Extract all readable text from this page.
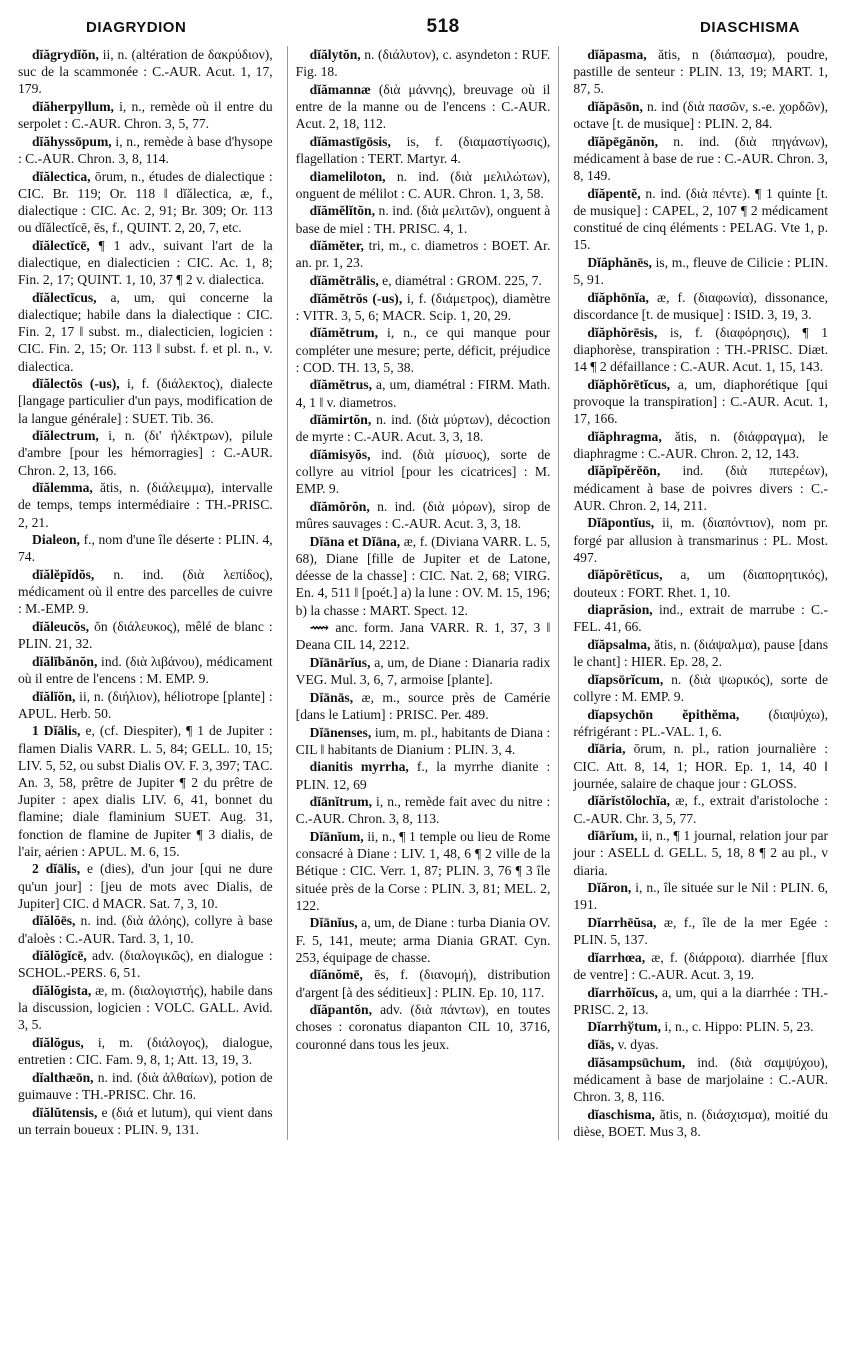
DIAGRYDION	518	DIASCHISMA

dĭăgrydĭŏn, ii, n. (altération de δακρύδιον), suc de la scammonée : C.-AUR. Acut. 1, 17, 179.

dĭăherpyllum, i, n., remède où il entre du serpolet : C.-AUR. Chron. 3, 5, 77.

dĭăhyssōpum, i, n., remède à base d'hysope : C.-AUR. Chron. 3, 8, 114.

dĭălectica, ōrum, n., études de dialectique : CIC. Br. 119; Or. 118 ‖ dĭălectica, æ, f., dialectique : CIC. Ac. 2, 91; Br. 309; Or. 113 ou dĭălectĭcē, ēs, f., QUINT. 2, 20, 7, etc.

dĭălectĭcē, ¶ 1 adv., suivant l'art de la dialectique, en dialecticien : CIC. Ac. 1, 8; Fin. 2, 17; QUINT. 1, 10, 37 ¶ 2 v. dialectica.

dĭălectĭcus, a, um, qui concerne la dialectique; habile dans la dialectique : CIC. Fin. 2, 17 ‖ subst. m., dialecticien, logicien : CIC. Fin. 2, 15; Or. 113 ‖ subst. f. et pl. n., v. dialectica.

dĭălectŏs (-us), i, f. (διάλεκτος), dialecte [langage particulier d'un pays, modification de la langue générale] : SUET. Tib. 36.

dĭălectrum, i, n. (δι' ἠλέκτρων), pilule d'ambre [pour les hémorragies] : C.-AUR. Chron. 2, 13, 166.

dĭălemma, ătis, n. (διάλειμμα), intervalle de temps, temps intermédiaire : TH.-PRISC. 2, 21.

Dialeon, f., nom d'une île déserte : PLIN. 4, 74.

dĭălĕpĭdŏs, n. ind. (διὰ λεπίδος), médicament où il entre des parcelles de cuivre : M.-EMP. 9.

dĭăleucŏs, ŏn (διάλευκος), mêlé de blanc : PLIN. 21, 32.

dĭălĭbănŏn, ind. (διὰ λιβάνου), médicament où il entre de l'encens : M. EMP. 9.

dĭălĭŏn, ii, n. (διήλιον), héliotrope [plante] : APUL. Herb. 50.

1 Dĭālis, e, (cf. Diespiter), ¶ 1 de Jupiter : flamen Dialis VARR. L. 5, 84; GELL. 10, 15; LIV. 5, 52, ou subst Dialis OV. F. 3, 397; TAC. An. 3, 58, prêtre de Jupiter ¶ 2 du prêtre de Jupiter : apex dialis LIV. 6, 41, bonnet du flamine; diale flaminium SUET. Aug. 31, fonction de flamine de Jupiter ¶ 3 dialis, de l'air, aérien : APUL. M. 6, 15.

2 dĭālis, e (dies), d'un jour [qui ne dure qu'un jour] : [jeu de mots avec Dialis, de Jupiter] CIC. d MACR. Sat. 7, 3, 10.

dĭălŏēs, n. ind. (διὰ ἀλόης), collyre à base d'aloès : C.-AUR. Tard. 3, 1, 10.

dĭălŏgĭcē, adv. (διαλογικῶς), en dialogue : SCHOL.-PERS. 6, 51.

dĭălŏgista, æ, m. (διαλογιστής), habile dans la discussion, logicien : VOLC. GALL. Avid. 3, 5.

dĭălŏgus, i, m. (διάλογος), dialogue, entretien : CIC. Fam. 9, 8, 1; Att. 13, 19, 3.

dĭalthæōn, n. ind. (διὰ ἀλθαίων), potion de guimauve : TH.-PRISC. Chr. 16.

dĭălŭtensis, e (διά et lutum), qui vient dans un terrain boueux : PLIN. 9, 131.

dĭălytŏn, n. (διάλυτον), c. asyndeton : RUF. Fig. 18.

dĭămannæ (διὰ μάννης), breuvage où il entre de la manne ou de l'encens : C.-AUR. Acut. 2, 18, 112.

dĭămastīgōsis, is, f. (διαμαστίγωσις), flagellation : TERT. Martyr. 4.

diameliloton, n. ind. (διὰ μελιλώτων), onguent de mélilot : C. AUR. Chron. 1, 3, 58.

dĭămĕlĭtŏn, n. ind. (διὰ μελιτῶν), onguent à base de miel : TH. PRISC. 4, 1.

dĭămĕter, tri, m., c. diametros : BOET. Ar. an. pr. 1, 23.

dĭămĕtrālis, e, diamétral : GROM. 225, 7.

dĭămĕtrŏs (-us), i, f. (διάμετρος), diamètre : VITR. 3, 5, 6; MACR. Scip. 1, 20, 29.

dĭămĕtrum, i, n., ce qui manque pour compléter une mesure; perte, déficit, préjudice : COD. TH. 13, 5, 38.

dĭămĕtrus, a, um, diamétral : FIRM. Math. 4, 1 ‖ v. diametros.

dĭămirtŏn, n. ind. (διὰ μύρτων), décoction de myrte : C.-AUR. Acut. 3, 3, 18.

dĭămisyŏs, ind. (διὰ μίσυος), sorte de collyre au vitriol [pour les cicatrices] : M. EMP. 9.

dĭămŏrŏn, n. ind. (διὰ μόρων), sirop de mûres sauvages : C.-AUR. Acut. 3, 3, 18.

Dĭāna et Dĭāna, æ, f. (Diviana VARR. L. 5, 68), Diane [fille de Jupiter et de Latone, déesse de la chasse] : CIC. Nat. 2, 68; VIRG. En. 4, 511 ‖ [poét.] a) la lune : OV. M. 15, 196; b) la chasse : MART. Spect. 12.

⟿ anc. form. Jana VARR. R. 1, 37, 3 ‖ Deana CIL 14, 2212.

Dĭānārĭus, a, um, de Diane : Dianaria radix VEG. Mul. 3, 6, 7, armoise [plante].

Dĭānās, æ, m., source près de Camérie [dans le Latium] : PRISC. Per. 489.

Dĭānenses, ium, m. pl., habitants de Diana : CIL ‖ habitants de Dianium : PLIN. 3, 4.

dianitis myrrha, f., la myrrhe dianite : PLIN. 12, 69

dĭānĭtrum, i, n., remède fait avec du nitre : C.-AUR. Chron. 3, 8, 113.

Dĭānĭum, ii, n., ¶ 1 temple ou lieu de Rome consacré à Diane : LIV. 1, 48, 6 ¶ 2 ville de la Bétique : CIC. Verr. 1, 87; PLIN. 3, 76 ¶ 3 île située près de la Corse : PLIN. 3, 81; MEL. 2, 122.

Dĭānĭus, a, um, de Diane : turba Diania OV. F. 5, 141, meute; arma Diania GRAT. Cyn. 253, équipage de chasse.

dĭănŏmē, ēs, f. (διανομή), distribution d'argent [à des séditieux] : PLIN. Ep. 10, 117.

dĭăpantŏn, adv. (διὰ πάντων), en toutes choses : coronatus diapanton CIL 10, 3716, couronné dans tous les jeux.

dĭăpasma, ătis, n (διάπασμα), poudre, pastille de senteur : PLIN. 13, 19; MART. 1, 87, 5.

dĭăpāsōn, n. ind (διὰ πασῶν, s.-e. χορδῶν), octave [t. de musique] : PLIN. 2, 84.

dĭăpēgănŏn, n. ind. (διὰ πηγάνων), médicament à base de rue : C.-AUR. Chron. 3, 8, 149.

dĭăpentĕ, n. ind. (διὰ πέντε). ¶ 1 quinte [t. de musique] : CAPEL, 2, 107 ¶ 2 médicament constitué de cinq éléments : PELAG. Vte 1, p. 15.

Dĭăphănēs, is, m., fleuve de Cilicie : PLIN. 5, 91.

dĭăphōnĭa, æ, f. (διαφωνία), dissonance, discordance [t. de musique] : ISID. 3, 19, 3.

dĭăphŏrēsis, is, f. (διαφόρησις), ¶ 1 diaphorèse, transpiration : TH.-PRISC. Diæt. 14 ¶ 2 défaillance : C.-AUR. Acut. 1, 15, 143.

dĭăphŏrētĭcus, a, um, diaphorétique [qui provoque la transpiration] : C.-AUR. Acut. 1, 17, 166.

dĭăphragma, ătis, n. (διάφραγμα), le diaphragme : C.-AUR. Chron. 2, 12, 143.

dĭăpĭpĕrĕōn, ind. (διὰ πιπερέων), médicament à base de poivres divers : C.-AUR. Chron. 2, 14, 211.

Dĭāpontĭus, ii, m. (διαπόντιον), nom pr. forgé par allusion à transmarinus : PL. Most. 497.

dĭăpŏrētĭcus, a, um (διαπορητικός), douteux : FORT. Rhet. 1, 10.

diaprăsion, ind., extrait de marrube : C.-FEL. 41, 66.

dĭăpsalma, ătis, n. (διάψαλμα), pause [dans le chant] : HIER. Ep. 28, 2.

dĭapsōrĭcum, n. (διὰ ψωρικός), sorte de collyre : M. EMP. 9.

dĭapsychōn ĕpithĕma, (διαψύχω), réfrigérant : PL.-VAL. 1, 6.

dĭāria, ōrum, n. pl., ration journalière : CIC. Att. 8, 14, 1; HOR. Ep. 1, 14, 40 ‖ journée, salaire de chaque jour : GLOSS.

dĭărĭstŏlochĭa, æ, f., extrait d'aristoloche : C.-AUR. Chr. 3, 5, 77.

dĭārĭum, ii, n., ¶ 1 journal, relation jour par jour : ASELL d. GELL. 5, 18, 8 ¶ 2 au pl., v diaria.

Dĭăron, i, n., île située sur le Nil : PLIN. 6, 191.

Dĭarrhēŭsa, æ, f., île de la mer Egée : PLIN. 5, 137.

dĭarrhœa, æ, f. (διάρροια). diarrhée [flux de ventre] : C.-AUR. Acut. 3, 19.

dĭarrhŏĭcus, a, um, qui a la diarrhée : TH.-PRISC. 2, 13.

Dĭarrhўtum, i, n., c. Hippo: PLIN. 5, 23.

dĭās, v. dyas.

dĭăsampsūchum, ind. (διὰ σαμψύχου), médicament à base de marjolaine : C.-AUR. Chron. 3, 8, 116.

dĭaschisma, ătis, n. (διάσχισμα), moitié du dièse, BOET. Mus 3, 8.
